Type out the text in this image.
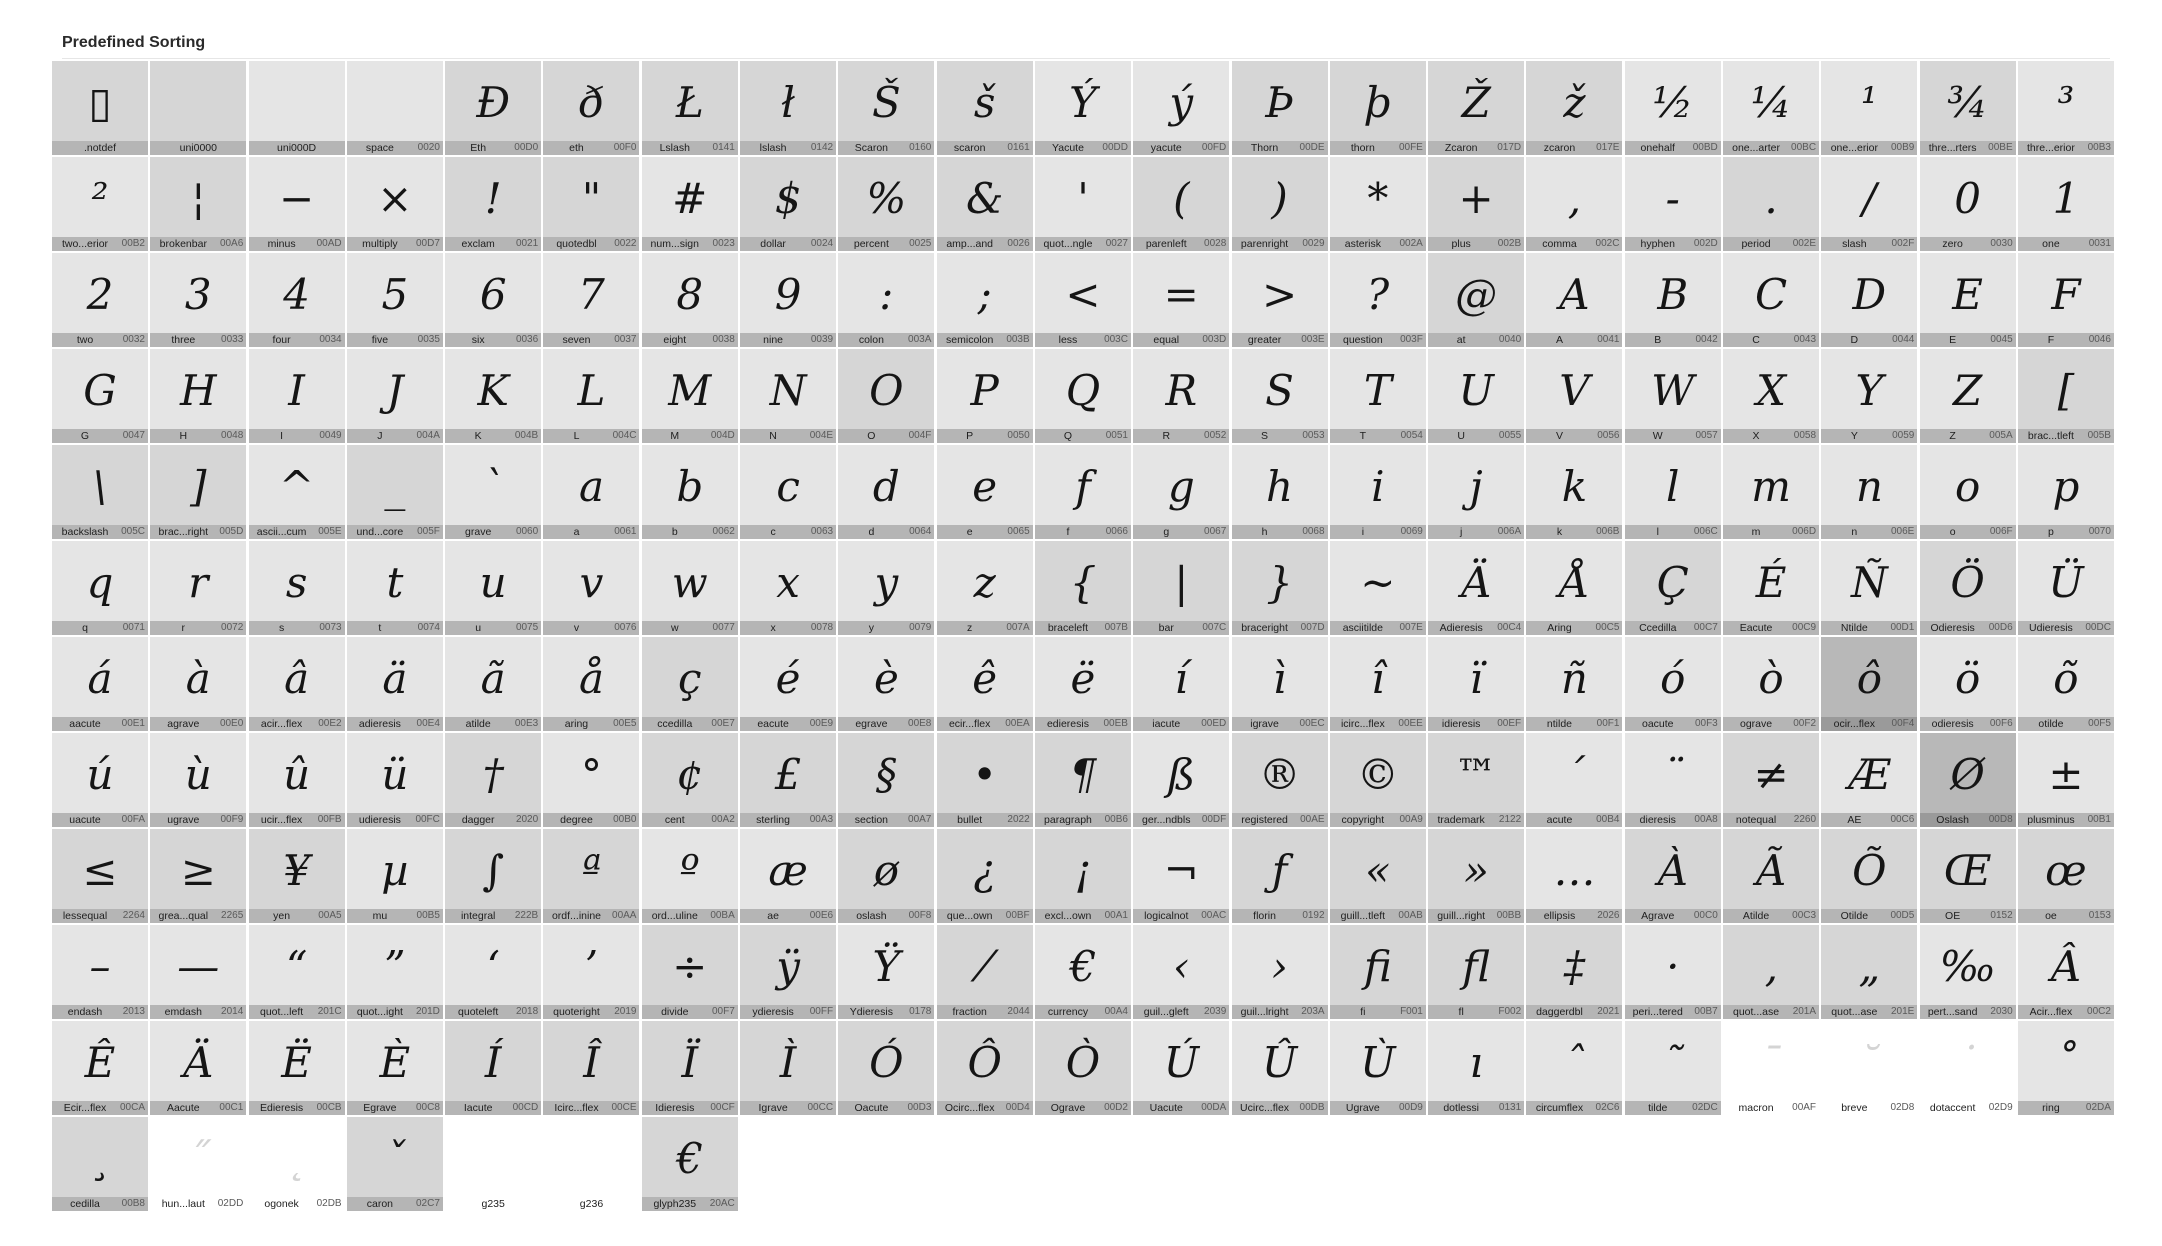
Predefined Sorting
▯
.notdef	uni0000	uni000D	space	0020
Ð
Eth	00D0
ð
eth	00F0
Ł
Lslash	0141
ł
lslash	0142
Š
Scaron	0160
š
scaron	0161
Ý
Yacute	00DD
ý
yacute	00FD
Þ
Thorn	00DE
þ
thorn	00FE
Ž
Zcaron	017D
ž
zcaron	017E
½
onehalf	00BD
¼
one...arter	00BC
¹
one...erior	00B9
¾
thre...rters	00BE
³
thre...erior	00B3
²
two...erior	00B2
¦
brokenbar	00A6
−
minus	00AD
×
multiply	00D7
!
exclam	0021
"
quotedbl	0022
#
num...sign	0023
$
dollar	0024
%
percent	0025
&
amp...and	0026
'
quot...ngle	0027
(
parenleft	0028
)
parenright	0029
*
asterisk	002A
+
plus	002B
,
comma	002C
-
hyphen	002D
.
period	002E
/
slash	002F
0
zero	0030
1
one	0031
2
two	0032
3
three	0033
4
four	0034
5
five	0035
6
six	0036
7
seven	0037
8
eight	0038
9
nine	0039
:
colon	003A
;
semicolon	003B
<
less	003C
=
equal	003D
>
greater	003E
?
question	003F
@
at	0040
A
A	0041
B
B	0042
C
C	0043
D
D	0044
E
E	0045
F
F	0046
G
G	0047
H
H	0048
I
I	0049
J
J	004A
K
K	004B
L
L	004C
M
M	004D
N
N	004E
O
O	004F
P
P	0050
Q
Q	0051
R
R	0052
S
S	0053
T
T	0054
U
U	0055
V
V	0056
W
W	0057
X
X	0058
Y
Y	0059
Z
Z	005A
[
brac...tleft	005B
\
backslash	005C
]
brac...right	005D
^
ascii...cum	005E
_
und...core	005F
`
grave	0060
a
a	0061
b
b	0062
c
c	0063
d
d	0064
e
e	0065
f
f	0066
g
g	0067
h
h	0068
i
i	0069
j
j	006A
k
k	006B
l
l	006C
m
m	006D
n
n	006E
o
o	006F
p
p	0070
q
q	0071
r
r	0072
s
s	0073
t
t	0074
u
u	0075
v
v	0076
w
w	0077
x
x	0078
y
y	0079
z
z	007A
{
braceleft	007B
|
bar	007C
}
braceright	007D
~
asciitilde	007E
Ä
Adieresis	00C4
Å
Aring	00C5
Ç
Ccedilla	00C7
É
Eacute	00C9
Ñ
Ntilde	00D1
Ö
Odieresis	00D6
Ü
Udieresis	00DC
á
aacute	00E1
à
agrave	00E0
â
acir...flex	00E2
ä
adieresis	00E4
ã
atilde	00E3
å
aring	00E5
ç
ccedilla	00E7
é
eacute	00E9
è
egrave	00E8
ê
ecir...flex	00EA
ë
edieresis	00EB
í
iacute	00ED
ì
igrave	00EC
î
icirc...flex	00EE
ï
idieresis	00EF
ñ
ntilde	00F1
ó
oacute	00F3
ò
ograve	00F2
ô
ocir...flex	00F4
ö
odieresis	00F6
õ
otilde	00F5
ú
uacute	00FA
ù
ugrave	00F9
û
ucir...flex	00FB
ü
udieresis	00FC
†
dagger	2020
°
degree	00B0
¢
cent	00A2
£
sterling	00A3
§
section	00A7
•
bullet	2022
¶
paragraph	00B6
ß
ger...ndbls	00DF
®
registered	00AE
©
copyright	00A9
™
trademark	2122
´
acute	00B4
¨
dieresis	00A8
≠
notequal	2260
Æ
AE	00C6
Ø
Oslash	00D8
±
plusminus	00B1
≤
lessequal	2264
≥
grea...qual	2265
¥
yen	00A5
µ
mu	00B5
∫
integral	222B
ª
ordf...inine	00AA
º
ord...uline	00BA
æ
ae	00E6
ø
oslash	00F8
¿
que...own	00BF
¡
excl...own	00A1
¬
logicalnot	00AC
ƒ
florin	0192
«
guill...tleft	00AB
»
guill...right	00BB
…
ellipsis	2026
À
Agrave	00C0
Ã
Atilde	00C3
Õ
Otilde	00D5
Œ
OE	0152
œ
oe	0153
–
endash	2013
—
emdash	2014
“
quot...left	201C
”
quot...ight	201D
‘
quoteleft	2018
’
quoteright	2019
÷
divide	00F7
ÿ
ydieresis	00FF
Ÿ
Ydieresis	0178
⁄
fraction	2044
€
currency	00A4
‹
guil...gleft	2039
›
guil...lright	203A
fi
fi	F001
fl
fl	F002
‡
daggerdbl	2021
·
peri...tered	00B7
‚
quot...ase	201A
„
quot...ase	201E
‰
pert...sand	2030
Â
Acir...flex	00C2
Ê
Ecir...flex	00CA
Ä
Aacute	00C1
Ë
Edieresis	00CB
È
Egrave	00C8
Í
Iacute	00CD
Î
Icirc...flex	00CE
Ï
Idieresis	00CF
Ì
Igrave	00CC
Ó
Oacute	00D3
Ô
Ocirc...flex	00D4
Ò
Ograve	00D2
Ú
Uacute	00DA
Û
Ucirc...flex	00DB
Ù
Ugrave	00D9
ı
dotlessi	0131
ˆ
circumflex	02C6
˜
tilde	02DC
¯
macron	00AF
˘
breve	02D8
˙
dotaccent	02D9
˚
ring	02DA
¸
cedilla	00B8
˝
hun...laut	02DD
˛
ogonek	02DB
ˇ
caron	02C7	g235	g236
€
glyph235	20AC
